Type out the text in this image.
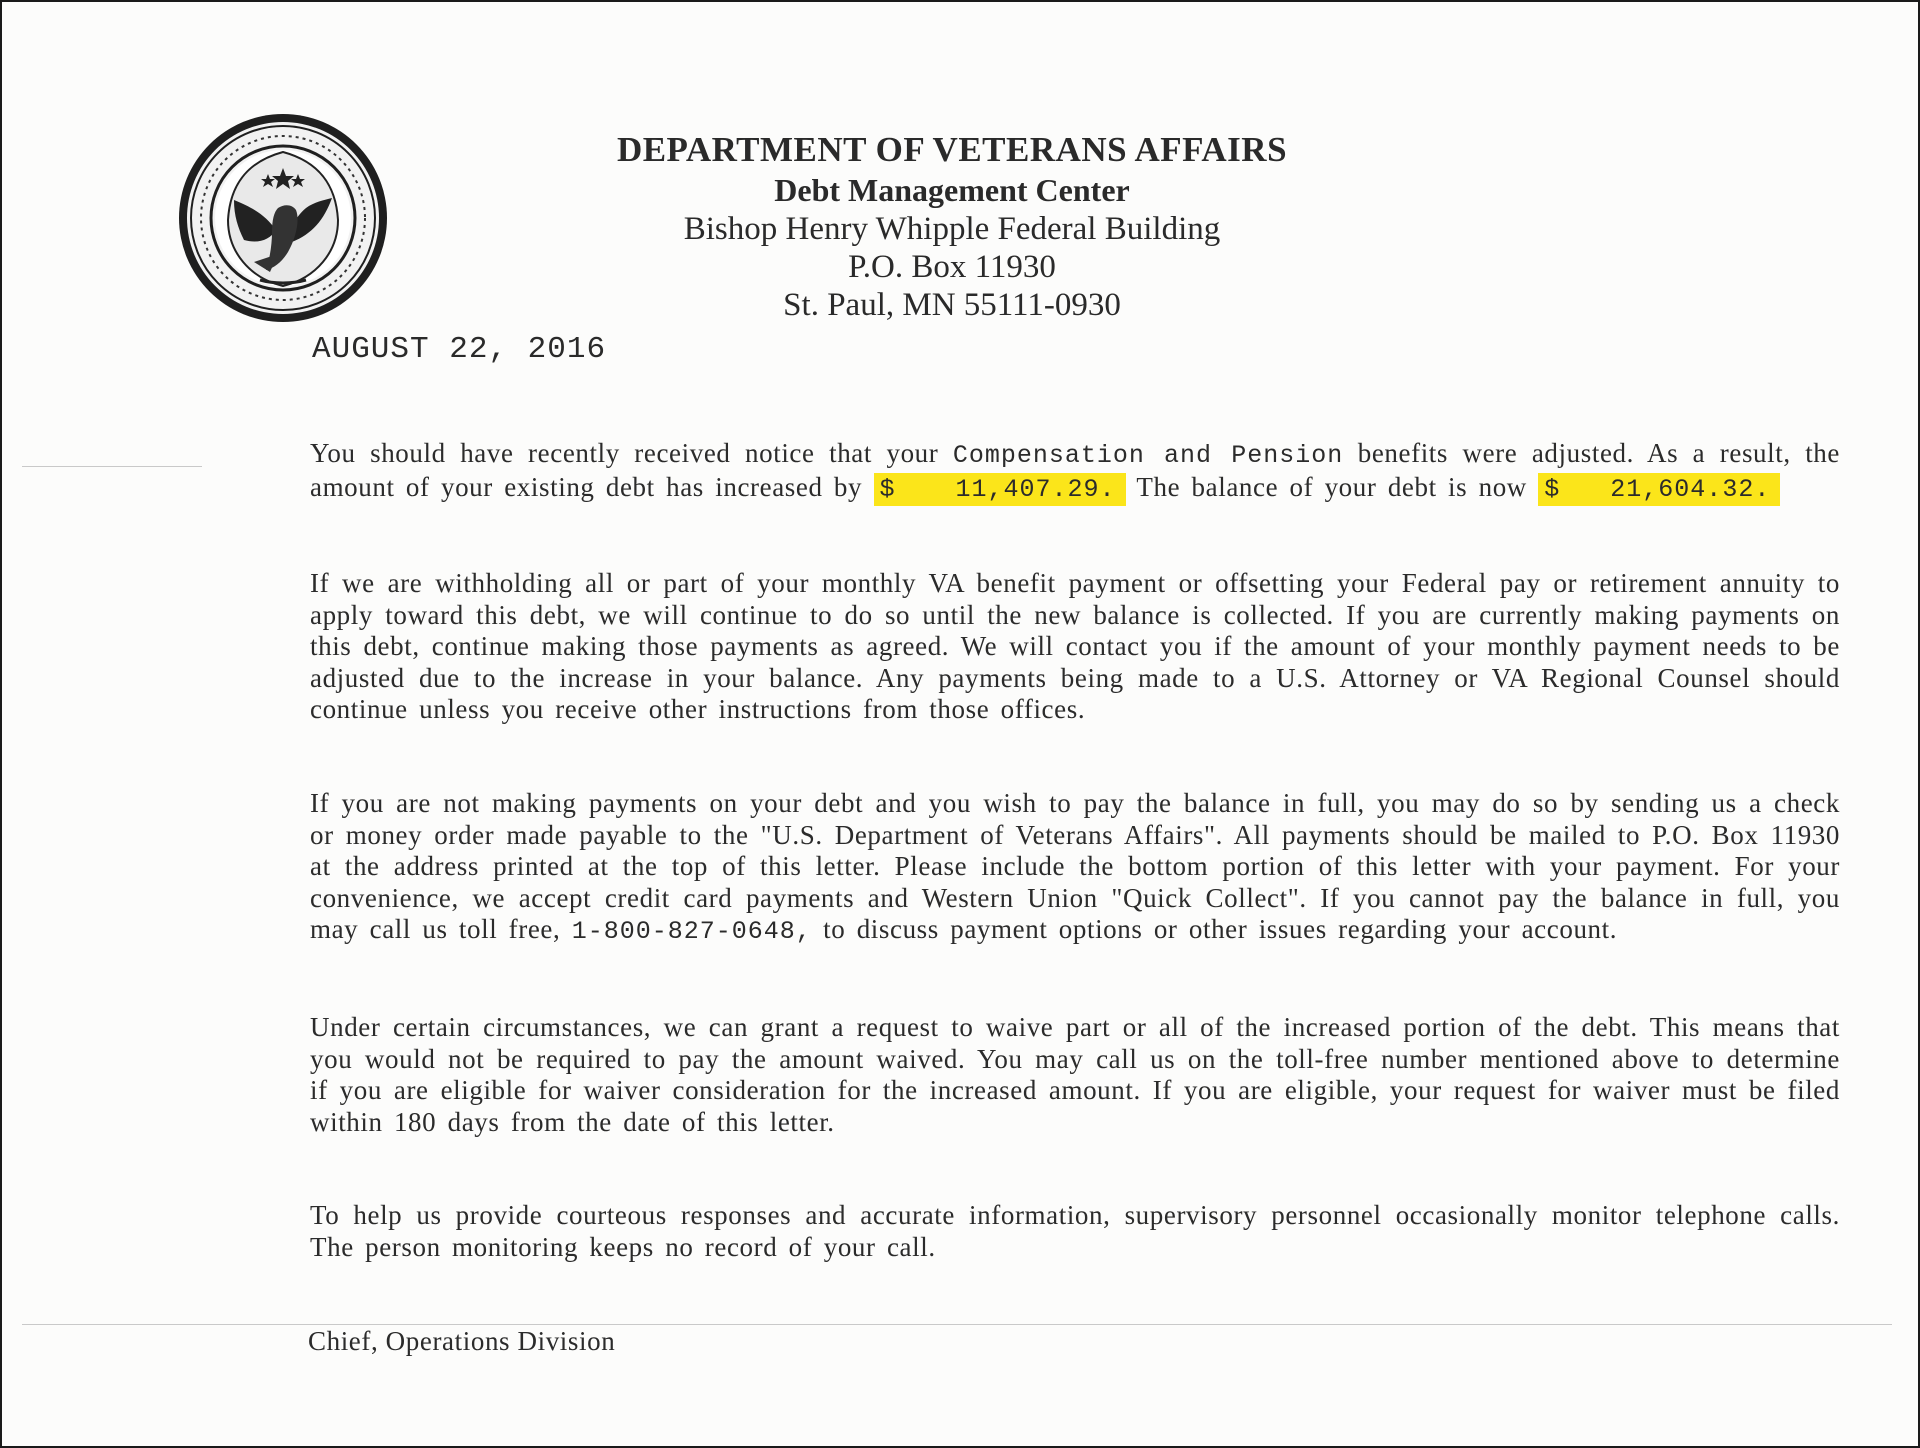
DEPARTMENT OF VETERANS AFFAIRS
Debt Management Center
Bishop Henry Whipple Federal Building
P.O. Box 11930
St. Paul, MN 55111-0930
AUGUST 22, 2016
You should have recently received notice that your Compensation and Pension benefits were adjusted. As a result, the amount of your existing debt has increased by $ 11,407.29. The balance of your debt is now $ 21,604.32.
If we are withholding all or part of your monthly VA benefit payment or offsetting your Federal pay or retirement annuity to apply toward this debt, we will continue to do so until the new balance is collected. If you are currently making payments on this debt, continue making those payments as agreed. We will contact you if the amount of your monthly payment needs to be adjusted due to the increase in your balance. Any payments being made to a U.S. Attorney or VA Regional Counsel should continue unless you receive other instructions from those offices.
If you are not making payments on your debt and you wish to pay the balance in full, you may do so by sending us a check or money order made payable to the "U.S. Department of Veterans Affairs". All payments should be mailed to P.O. Box 11930 at the address printed at the top of this letter. Please include the bottom portion of this letter with your payment. For your convenience, we accept credit card payments and Western Union "Quick Collect". If you cannot pay the balance in full, you may call us toll free, 1-800-827-0648, to discuss payment options or other issues regarding your account.
Under certain circumstances, we can grant a request to waive part or all of the increased portion of the debt. This means that you would not be required to pay the amount waived. You may call us on the toll-free number mentioned above to determine if you are eligible for waiver consideration for the increased amount. If you are eligible, your request for waiver must be filed within 180 days from the date of this letter.
To help us provide courteous responses and accurate information, supervisory personnel occasionally monitor telephone calls. The person monitoring keeps no record of your call.
Chief, Operations Division
